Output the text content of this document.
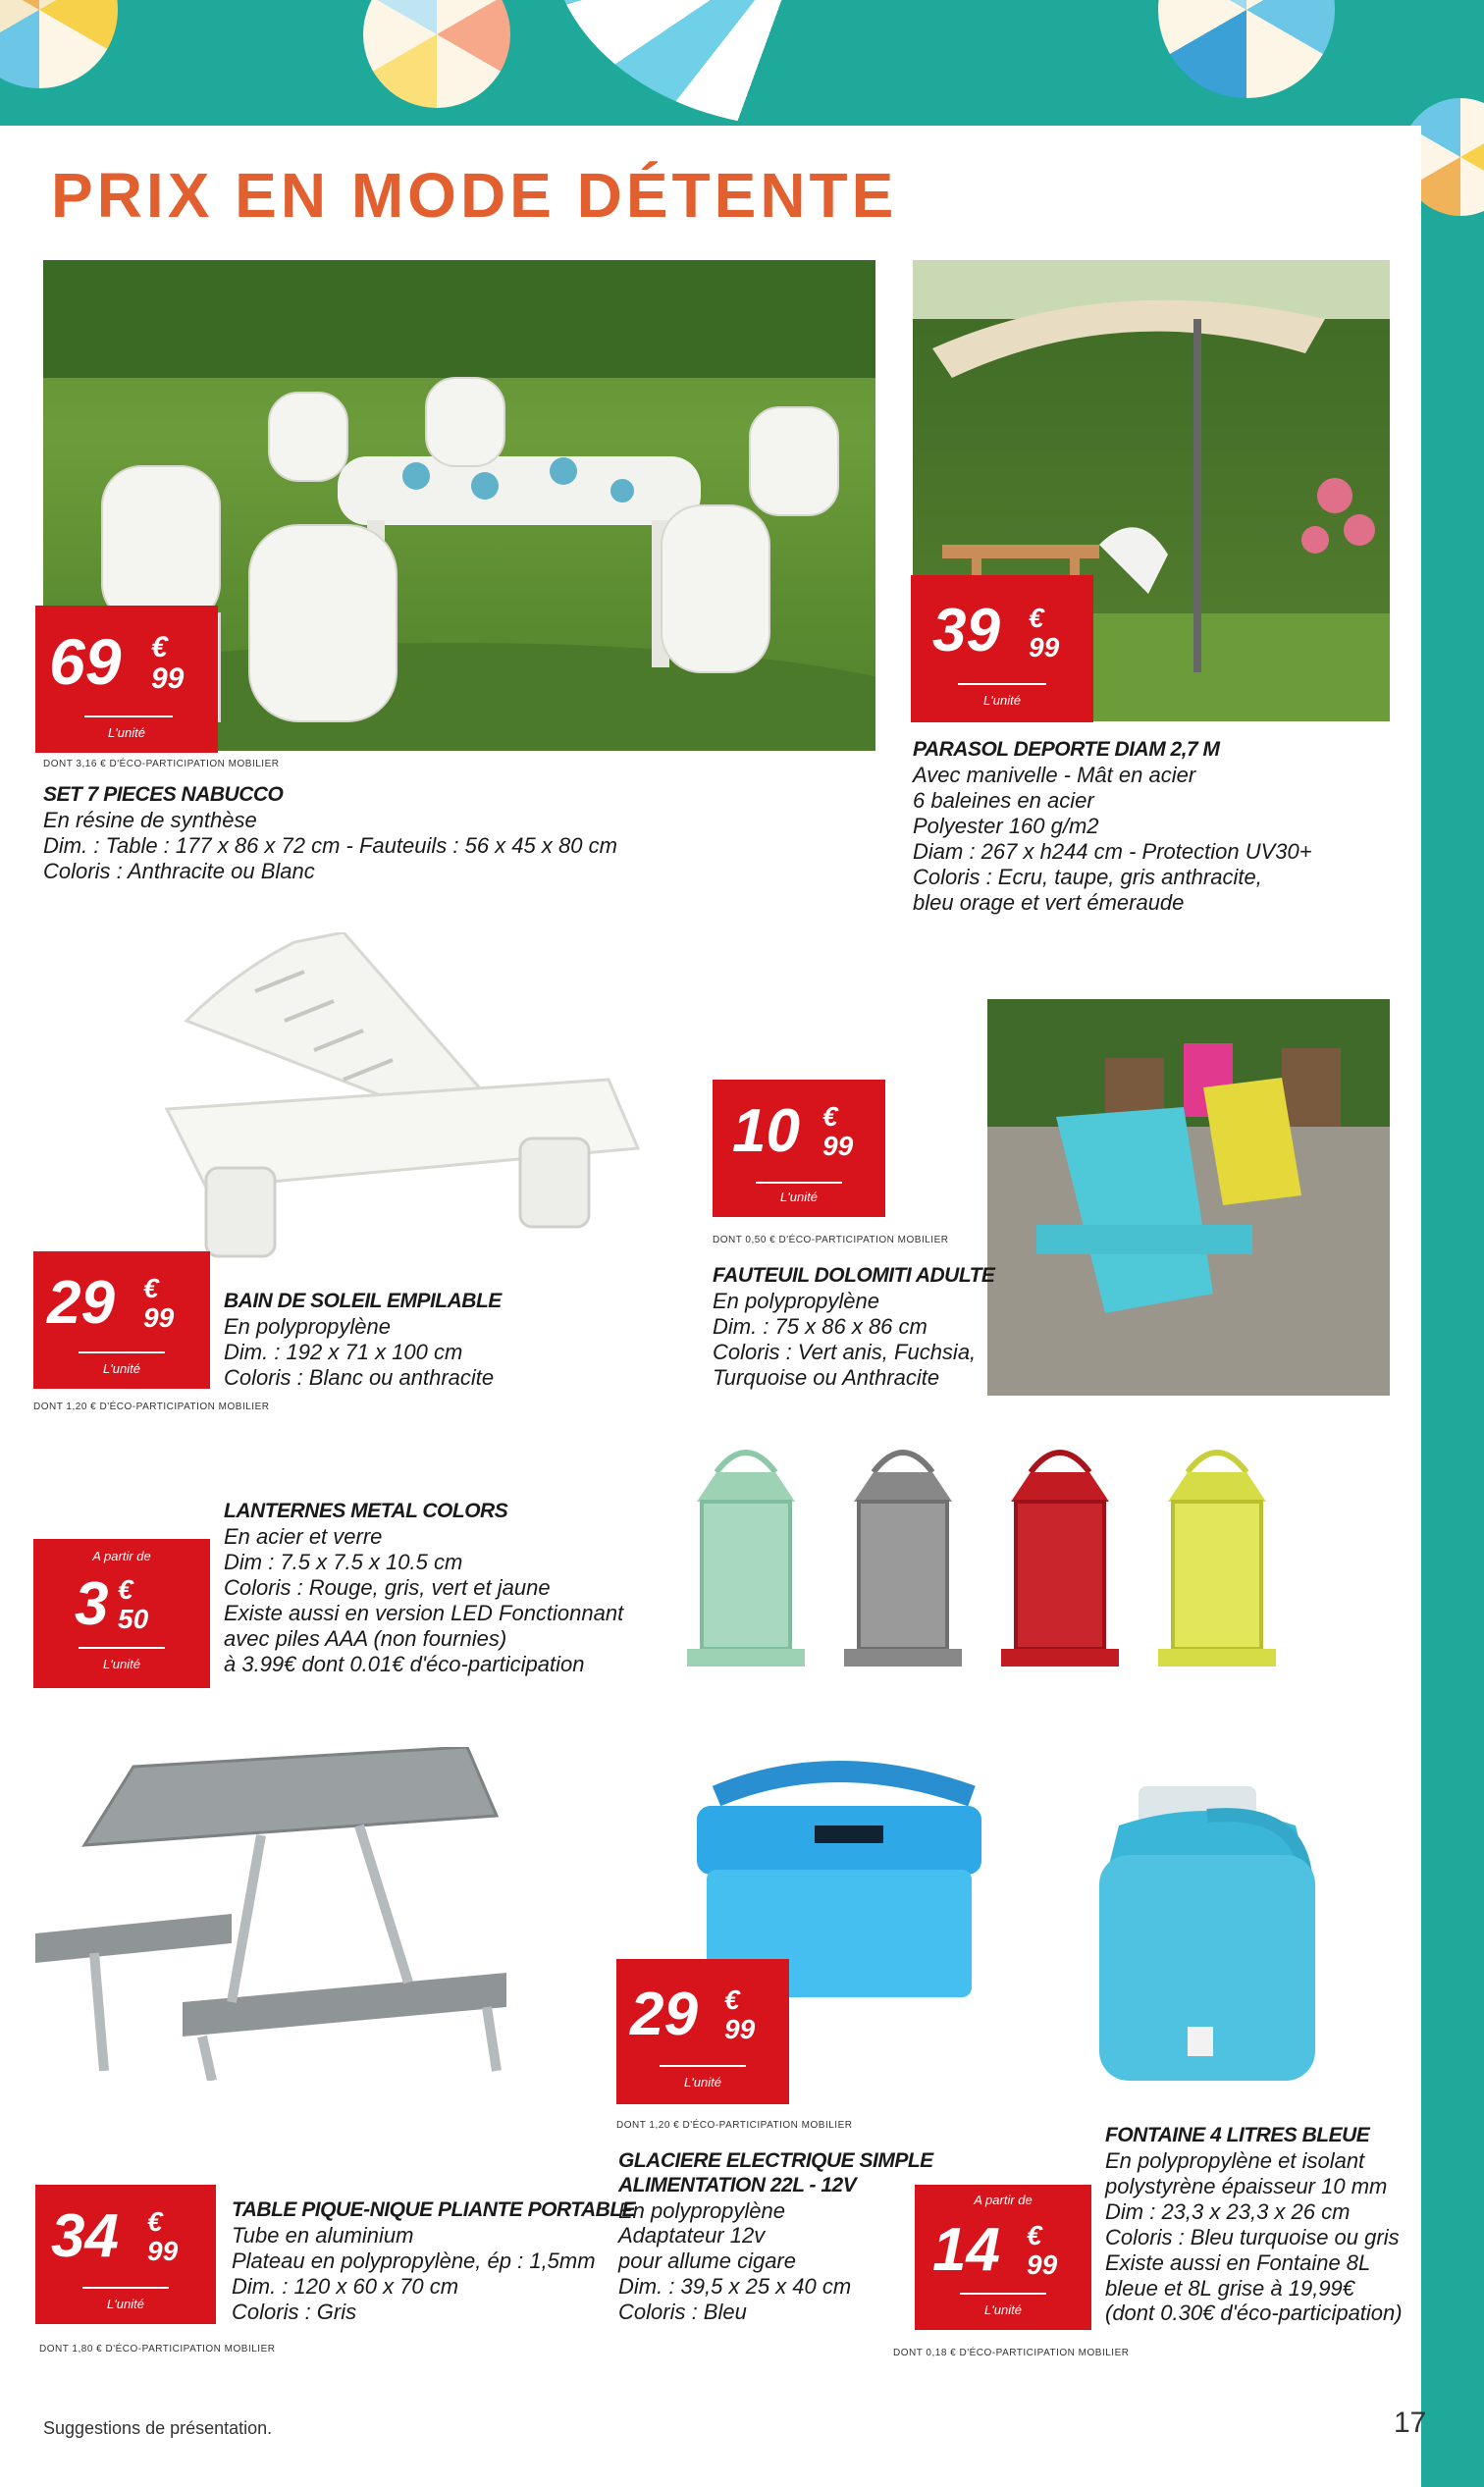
PRIX EN MODE DÉTENTE
69 €
99
L'unité
DONT 3,16 € D'ÉCO-PARTICIPATION MOBILIER
SET 7 PIECES NABUCCO
En résine de synthèse
Dim. : Table : 177 x 86 x 72 cm - Fauteuils : 56 x 45 x 80 cm
Coloris : Anthracite ou Blanc
39 €
99
L'unité
PARASOL DEPORTE DIAM 2,7 M
Avec manivelle - Mât en acier
6 baleines en acier
Polyester 160 g/m2
Diam : 267 x h244 cm - Protection UV30+
Coloris : Ecru, taupe, gris anthracite,
bleu orage et vert émeraude
29 €
99
L'unité
DONT 1,20 € D'ÉCO-PARTICIPATION MOBILIER
BAIN DE SOLEIL EMPILABLE
En polypropylène
Dim. : 192 x 71 x 100 cm
Coloris : Blanc ou anthracite
10 €
99
L'unité
DONT 0,50 € D'ÉCO-PARTICIPATION MOBILIER
FAUTEUIL DOLOMITI ADULTE
En polypropylène
Dim. : 75 x 86 x 86 cm
Coloris : Vert anis, Fuchsia,
Turquoise ou Anthracite
A partir de
3 €
50
L'unité
LANTERNES METAL COLORS
En acier et verre
Dim : 7.5 x 7.5 x 10.5 cm
Coloris : Rouge, gris, vert et jaune
Existe aussi en version LED Fonctionnant
avec piles AAA (non fournies)
à 3.99€ dont 0.01€ d'éco-participation
34 €
99
L'unité
DONT 1,80 € D'ÉCO-PARTICIPATION MOBILIER
TABLE PIQUE-NIQUE PLIANTE PORTABLE
Tube en aluminium
Plateau en polypropylène, ép : 1,5mm
Dim. : 120 x 60 x 70 cm
Coloris : Gris
29 €
99
L'unité
DONT 1,20 € D'ÉCO-PARTICIPATION MOBILIER
GLACIERE ELECTRIQUE SIMPLE
ALIMENTATION 22L - 12V
En polypropylène
Adaptateur 12v
pour allume cigare
Dim. : 39,5 x 25 x 40 cm
Coloris : Bleu
A partir de
14 €
99
L'unité
DONT 0,18 € D'ÉCO-PARTICIPATION MOBILIER
FONTAINE 4 LITRES BLEUE
En polypropylène et isolant
polystyrène épaisseur 10 mm
Dim : 23,3 x 23,3 x 26 cm
Coloris : Bleu turquoise ou gris
Existe aussi en Fontaine 8L
bleue et 8L grise à 19,99€
(dont 0.30€ d'éco-participation)
Suggestions de présentation.	17
